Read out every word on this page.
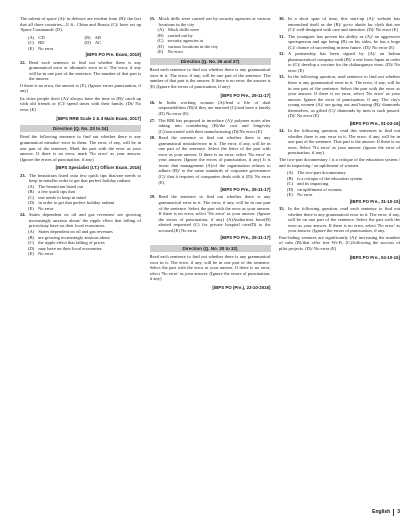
The salient of space (A)/ in defence are evident from (B)/ the fact that all three countries—U.S., China and Russia (C)/ have set up 'Space Commands' (D).
(A) CD	(B) AB
(C) BD	(D) AC
(E) No error
[IBPS PO Pre. Exam, 2019]
22. Read each sentence to find out whether there is any grammatical error or idiomatic error in it. The error, if any will be in one part of the sentence. The number of that part is the answer.
If there is no error, the answer is (E). (Ignore errors punctuation, if any)
Its cities people don't (A)/ always have the time to (B)/ catch up with old friends or (C)/ spend times with their family. (D)/ No error (E)
[IBPS RRB Scale 2 & 3 Main Exam, 2017]
Direction (Q. No. 23 to 24)
Read the following sentence to find out whether there is any grammatical mistake/ error in them. The error, if any, will be in one part of the sentence. Mark the part with the error as your answer. If there is no error, mark 'No error' as your answer. (Ignore the errors of punctuation, if any)
[IBPS Specialist (I.T.) Officer Exam, 2016]
23. The beautician listed outa few quick tips that/one needs to keep in mind/in order to get that perfect holiday radiant.
(A) The beautician listed out
(B) a few quick tips that
(C) one needs to keep in mind
(D) in order to get that perfect holiday radiant
(E) No error
24. States dependent on oil and gas revenues/ are growing increasingly anxious about/ the ripple effect that falling of prices/may have on their local economies.
(A) States dependent on oil and gas revenues
(B) are growing increasingly anxious about
(C) the ripple effect that falling of prices
(D) may have on their local economies
(E) No error
25. Mock drills were carried out by security agencies at various locations in the city
(A) Mock drills were
(B) carried out by
(C) security agencies at
(D) various locations in the city
(E) No error
Direction (Q. No. 26 and 27)
Read each sentence to find out whether there is any grammatical error in it. The error, if any, will be one part of the sentence. The number of that part is the answer. If there is no error, the answer is (E) (Ignore the errors of punctuation, if any)
[IBPS PO Pre., 29-11-17]
26. In India working woman (A)/lead a life of dual responsibilities (B)/if they are married (C)/and have a family (D) No error (E)
27. The RBI has proposed to introduce (A)/ polymer notes after taking into considering (B)/the cost and longevity (C)/associated with their manufacturing (D)/No error (E)
28. Read the sentence to find out whether there is any grammatical mistake/error in it. The error, if any, will be in one part of the sentence. Select the letter of the part with error as your answer. If there is no error, select 'No error' as your answer. (Ignore the errors of punctuation, if any) It is ironic that management (A)/of the organisation refuses to adhere (B)/ to the same standards of corporate governance (C)/ that it requires of companies deals with it (D)/ No error (E)
[IBPS PO Pre., 29-11-17]
29. Read the sentence to find out whether there is any grammatical error in it. The error, if any, will be in one part of the sentence. Select the part with the error as your answer. If there is no error, select 'No error' as your answer. (Ignore the errors of punctuation, if any) (A)Authorities have(B) alerted requested (C) for private hospital care(D) to the accused.(E) No error.
[IBPS PO Pre., 29-11-17]
Direction (Q. No. 30 to 32)
Read each sentence to find out whether there is any grammatical error in it. The error, if any, will be in one part of the sentence. Select the part with the error as your answer. If there is no error, select 'No error' as your answer. (Ignore the errors of punctuation, if any)
[IBPS PO (Pre.), 23-10-2016]
30. In a short span of time, this start-up (A)/ website has entrenched itself as the (B)/ go-to abode for cloth that are (C)/ well-designed with care and attention. (D)/ No error (E)
31. The youngster has proven his ability as (A)/ an aggressive sportsperson and age being (B) on his sides, he has a huge (C)/ chance of succeeding in near future. (D)/ No error (E)
32. A partnership has been signed by (A)/ an Indian pharmaceutical company with (B)/ a one from Japan in order to (C)/ develop a vaccine for the chikungunya virus. (D)/ No error (E)
33. In the following question, read sentence to find out whether there is any grammatical error in it. The error, if any, will be in one part of the sentence. Select the part with the error as your answer. If there is no error, select 'No error' as your answer. Ignore the error of punctuation, if any. The city's young women (A)/ are going out and buying (B)/ diamonds themselves, as gifted (C)/ diamonds by men is such passed. (D)/ No error (E)
[IBPS PO Pre., 01-03-16]
34. In the following question, read this sentences to find out whether there is any error in it. The error, if any, will be in one part of the sentence. That part is the answer. If there is no error, Select 'No error' as your answer. (ignore the error of punctuation, if any).
The two-part documentary / is a critique of the education system / and its impacting / on upliftment of women.
(A) The two-part documentary
(B) is a critique of the education system
(C) and its impacting
(D) on upliftment of women,
(E) No error
[IBPS PO Pre., 31-10-15]
35. In the following question, read each sentence to find out whether there is any grammatical error in it. The error, if any, will be on one part of the sentence. Select the part with the error as your answer. If there is no error, select 'No error' as your answer. (Ignore the errors of punctuation, if any.
Fast-fading ventures are significantly (A)/ increasing the number of cubs (B)/that offer free Wi-Fi, (C)/following the success of pilot projects. (D)/ No error (E)
[IBPS PO Pre., 04-10-15]
English 3
